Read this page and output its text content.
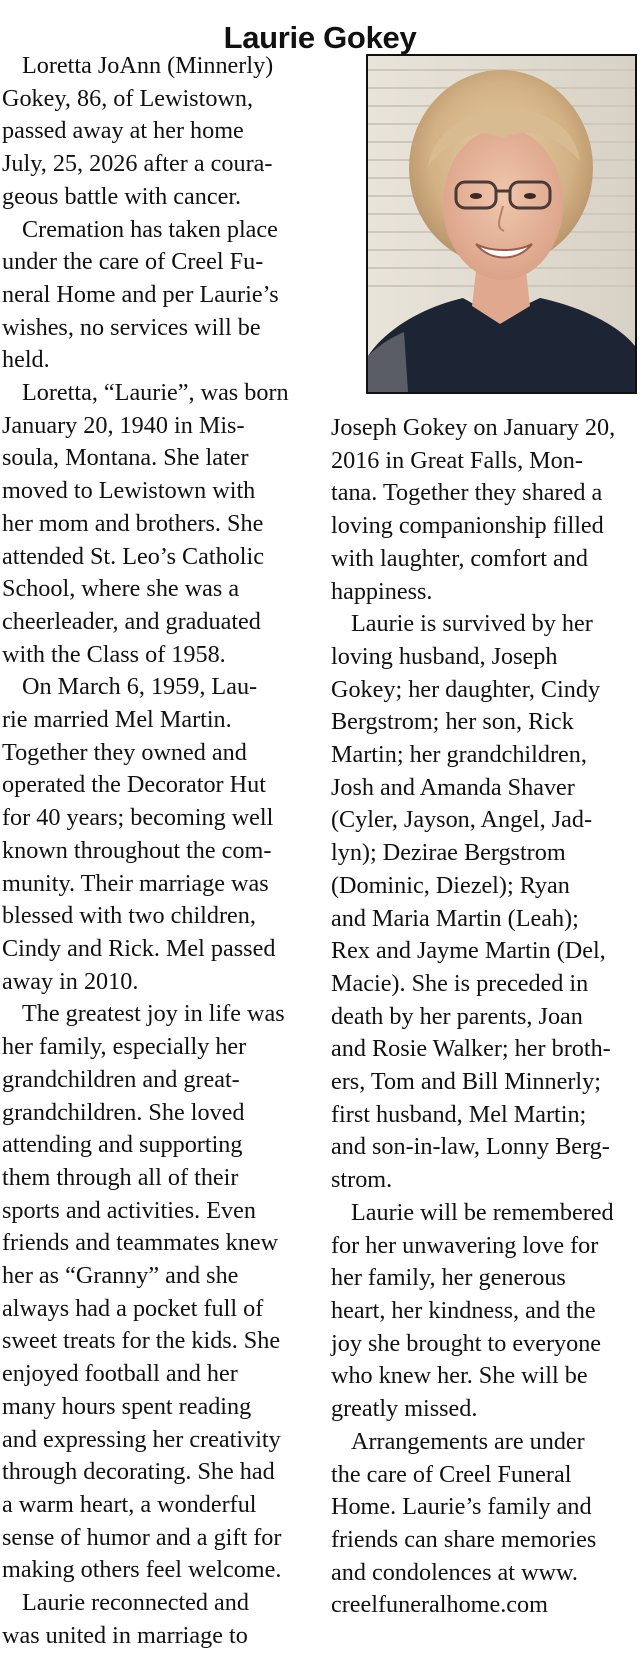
Laurie Gokey

Loretta JoAnn (Minnerly)
Gokey, 86, of Lewistown,
passed away at her home
July, 25, 2026 after a coura-
geous battle with cancer.

Cremation has taken place
under the care of Creel Fu-
neral Home and per Laurie’s
wishes, no services will be
held.

Loretta, “Laurie”, was born
January 20, 1940 in Mis-
soula, Montana. She later
moved to Lewistown with
her mom and brothers. She
attended St. Leo’s Catholic
School, where she was a
cheerleader, and graduated
with the Class of 1958.

On March 6, 1959, Lau-
rie married Mel Martin.
Together they owned and
operated the Decorator Hut
for 40 years; becoming well
known throughout the com-
munity. Their marriage was
blessed with two children,
Cindy and Rick. Mel passed
away in 2010.

The greatest joy in life was
her family, especially her
grandchildren and great-
grandchildren. She loved
attending and supporting
them through all of their
sports and activities. Even
friends and teammates knew
her as “Granny” and she
always had a pocket full of
sweet treats for the kids. She
enjoyed football and her
many hours spent reading
and expressing her creativity
through decorating. She had
a warm heart, a wonderful
sense of humor and a gift for
making others feel welcome.

Laurie reconnected and
was united in marriage to

Joseph Gokey on January 20,
2016 in Great Falls, Mon-
tana. Together they shared a
loving companionship filled
with laughter, comfort and
happiness.

Laurie is survived by her
loving husband, Joseph
Gokey; her daughter, Cindy
Bergstrom; her son, Rick
Martin; her grandchildren,
Josh and Amanda Shaver
(Cyler, Jayson, Angel, Jad-
lyn); Dezirae Bergstrom
(Dominic, Diezel); Ryan
and Maria Martin (Leah);
Rex and Jayme Martin (Del,
Macie). She is preceded in
death by her parents, Joan
and Rosie Walker; her broth-
ers, Tom and Bill Minnerly;
first husband, Mel Martin;
and son-in-law, Lonny Berg-
strom.

Laurie will be remembered
for her unwavering love for
her family, her generous
heart, her kindness, and the
joy she brought to everyone
who knew her. She will be
greatly missed.

Arrangements are under
the care of Creel Funeral
Home. Laurie’s family and
friends can share memories
and condolences at www.
creelfuneralhome.com
